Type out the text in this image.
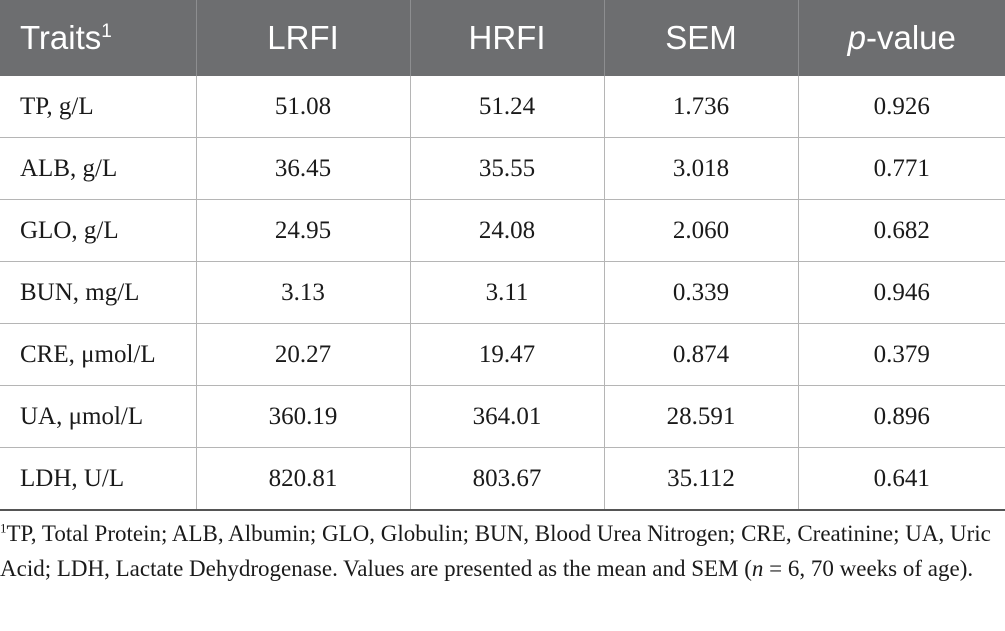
Traits$^1$	LRFI	HRFI	SEM	p-value
TP, g/L	51.08	51.24	1.736	0.926
ALB, g/L	36.45	35.55	3.018	0.771
GLO, g/L	24.95	24.08	2.060	0.682
BUN, mg/L	3.13	3.11	0.339	0.946
CRE, μmol/L	20.27	19.47	0.874	0.379
UA, μmol/L	360.19	364.01	28.591	0.896
LDH, U/L	820.81	803.67	35.112	0.641
$^1$TP, Total Protein; ALB, Albumin; GLO, Globulin; BUN, Blood Urea Nitrogen; CRE, Creatinine; UA, Uric Acid; LDH, Lactate Dehydrogenase. Values are presented as the mean and SEM (n = 6, 70 weeks of age).
